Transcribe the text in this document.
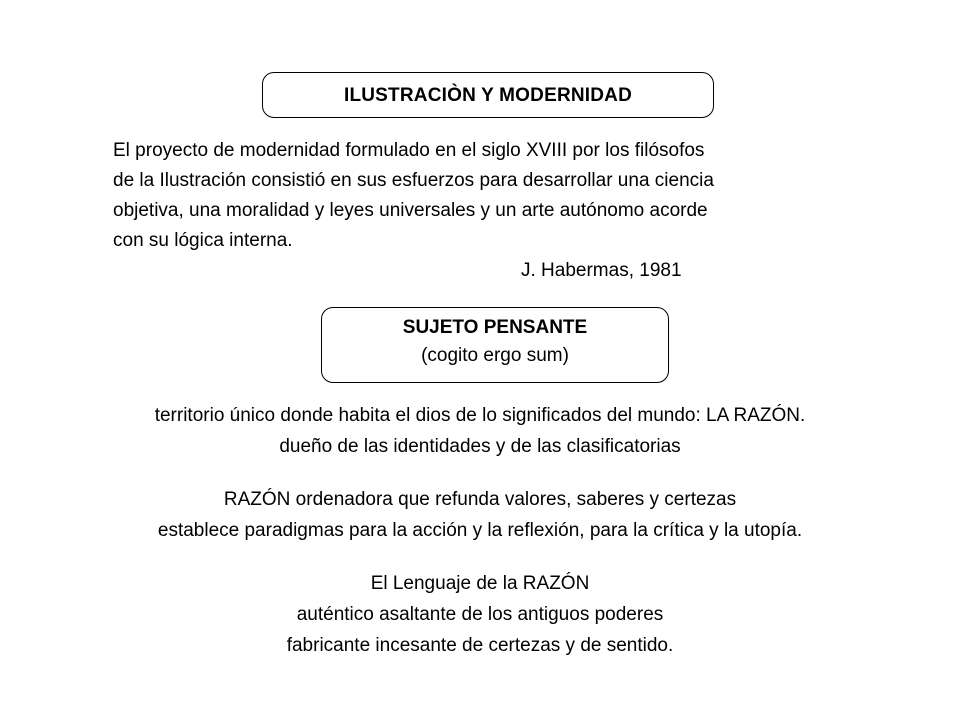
ILUSTRACIÒN Y MODERNIDAD
El proyecto de modernidad formulado en el siglo XVIII por los filósofos
de la Ilustración consistió en sus esfuerzos para desarrollar una ciencia
objetiva, una moralidad y leyes universales y un arte autónomo acorde
con su lógica interna.
J. Habermas, 1981
SUJETO PENSANTE
(cogito ergo sum)
territorio único donde habita el dios de lo significados del mundo: LA RAZÓN.
dueño de las identidades y de las clasificatorias
RAZÓN ordenadora que refunda valores, saberes y certezas
establece paradigmas para la acción y la reflexión, para la crítica y la utopía.
El Lenguaje de la RAZÓN
auténtico asaltante de los antiguos poderes
fabricante incesante de certezas y de sentido.
